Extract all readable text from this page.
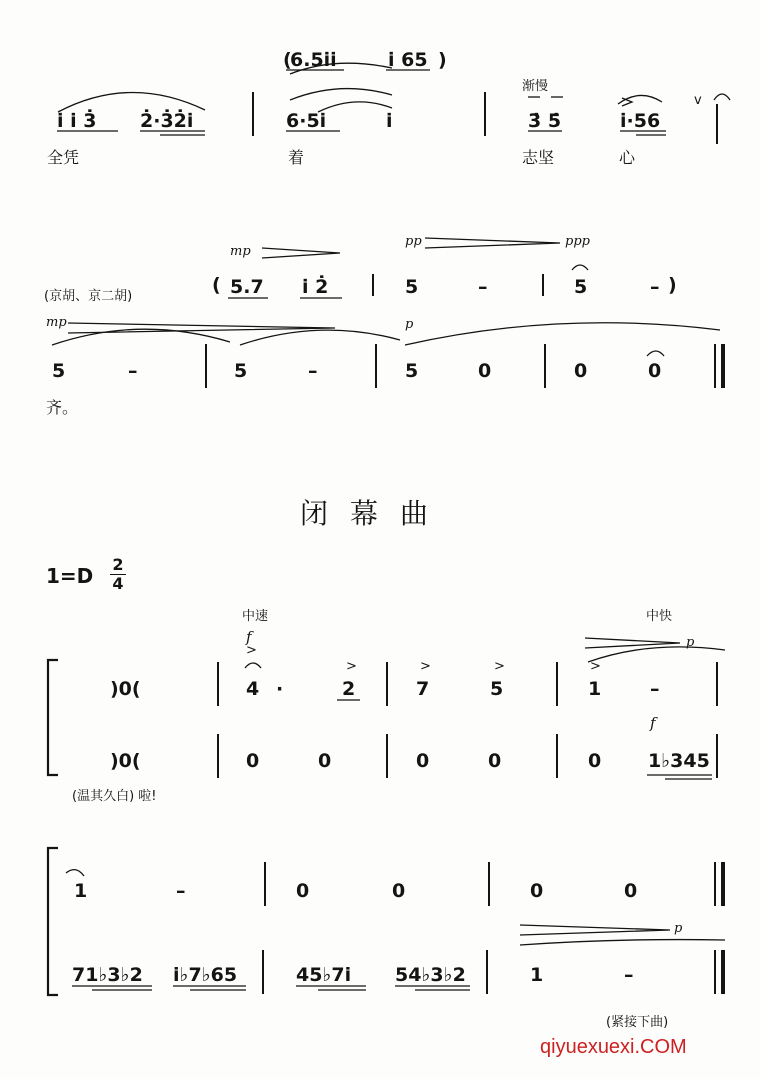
(
6.5i̇i̇	i̇ 65 )
i̇ i̇ 3̇ 2̇·3̇2̇i̇	6·5i̇	i̇
渐慢
3̇ 5̇	i̇·56
v
全凭	着	志坚	心
mp
pp	ppp
(京胡、京二胡)
( 5.7 i̇ 2̇	5	–	5	– )
mp	p
5	–	5	–	5	0	0	0
齐。
闭幕曲
$1=D \frac{2}{4}$
中速	中快
f
>
>	>	>	>
p
)0(	4 ·	2	7	5	1	–
f
)0(	0	0	0	0	0 1♭345
(温其久白) 啦!
1	–	0	0	0	0
p
71♭3♭2 i♭7♭65	45♭7i 54♭3♭2	1	–
(紧接下曲)
qiyuexuexi.COM
